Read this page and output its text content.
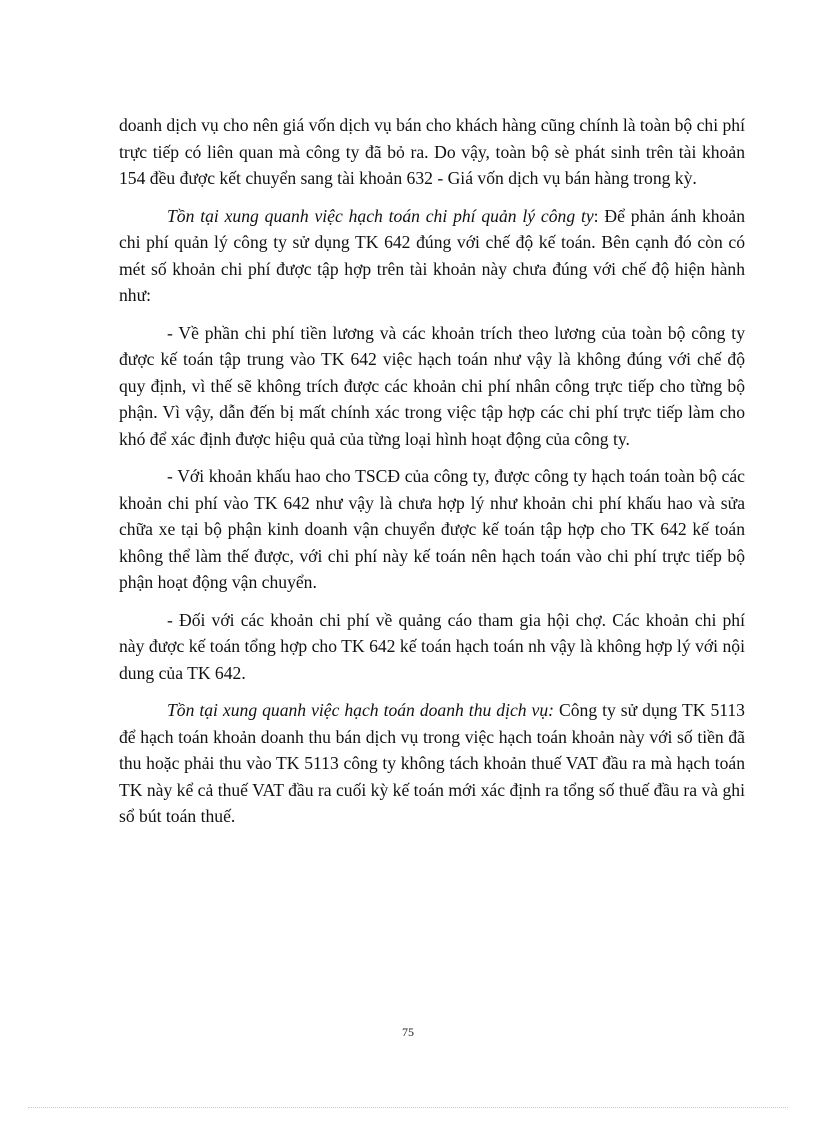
doanh dịch vụ cho nên giá vốn dịch vụ bán cho khách hàng cũng chính là toàn bộ chi phí trực tiếp có liên quan mà công ty đã bỏ ra. Do vậy, toàn bộ sè phát sinh trên tài khoản 154 đều được kết chuyển sang tài khoản 632 - Giá vốn dịch vụ bán hàng trong kỳ.

Tồn tại xung quanh việc hạch toán chi phí quản lý công ty: Để phản ánh khoản chi phí quản lý công ty sử dụng TK 642 đúng với chế độ kế toán. Bên cạnh đó còn có mét số khoản chi phí được tập hợp trên tài khoản này chưa đúng với chế độ hiện hành như:

- Về phần chi phí tiền lương và các khoản trích theo lương của toàn bộ công ty được kế toán tập trung vào TK 642 việc hạch toán như vậy là không đúng với chế độ quy định, vì thế sẽ không trích được các khoản chi phí nhân công trực tiếp cho từng bộ phận. Vì vậy, dẫn đến bị mất chính xác trong việc tập hợp các chi phí trực tiếp làm cho khó để xác định được hiệu quả của từng loại hình hoạt động của công ty.

- Với khoản khấu hao cho TSCĐ của công ty, được công ty hạch toán toàn bộ các khoản chi phí vào TK 642 như vậy là chưa hợp lý như khoản chi phí khấu hao và sửa chữa xe tại bộ phận kinh doanh vận chuyển được kế toán tập hợp cho TK 642 kế toán không thể làm thế được, với chi phí này kế toán nên hạch toán vào chi phí trực tiếp bộ phận hoạt động vận chuyển.

- Đối với các khoản chi phí về quảng cáo tham gia hội chợ. Các khoản chi phí này được kế toán tổng hợp cho TK 642 kế toán hạch toán nh vậy là không hợp lý với nội dung của TK 642.

Tồn tại xung quanh việc hạch toán doanh thu dịch vụ: Công ty sử dụng TK 5113 để hạch toán khoản doanh thu bán dịch vụ trong việc hạch toán khoản này với số tiền đã thu hoặc phải thu vào TK 5113 công ty không tách khoản thuế VAT đầu ra mà hạch toán TK này kể cả thuế VAT đầu ra cuối kỳ kế toán mới xác định ra tổng số thuế đầu ra và ghi sổ bút toán thuế.

75
